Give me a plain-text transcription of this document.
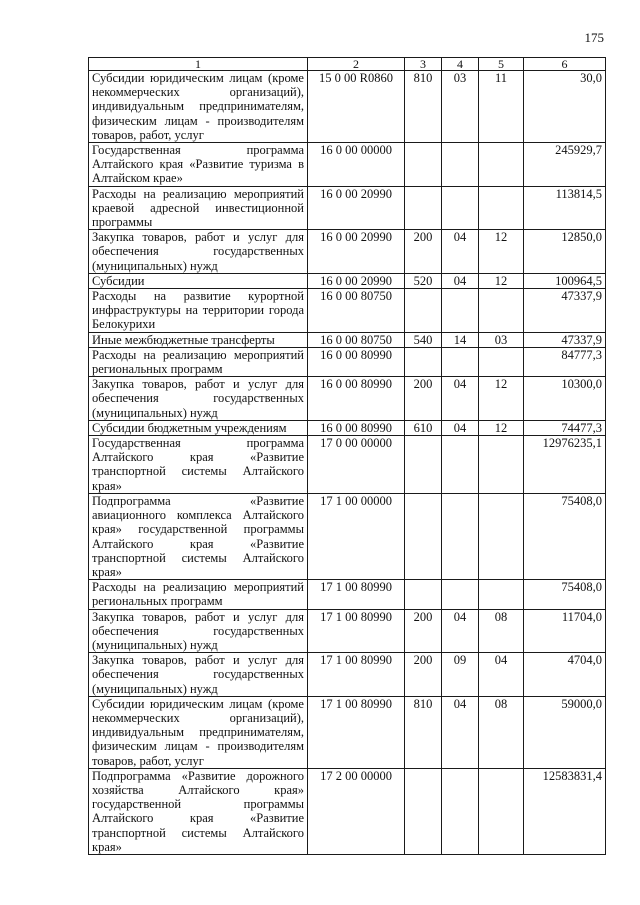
175
1	2	3	4	5	6
Субсидии юридическим лицам (кроме некоммерческих организаций), индивидуальным предпринимателям, физическим лицам - производителям товаров, работ, услуг	15 0 00 R0860	810	03	11	30,0
Государственная программа Алтайского края «Развитие туризма в Алтайском крае»	16 0 00 00000				245929,7
Расходы на реализацию мероприятий краевой адресной инвестиционной программы	16 0 00 20990				113814,5
Закупка товаров, работ и услуг для обеспечения государственных (муниципальных) нужд	16 0 00 20990	200	04	12	12850,0
Субсидии	16 0 00 20990	520	04	12	100964,5
Расходы на развитие курортной инфраструктуры на территории города Белокурихи	16 0 00 80750				47337,9
Иные межбюджетные трансферты	16 0 00 80750	540	14	03	47337,9
Расходы на реализацию мероприятий региональных программ	16 0 00 80990				84777,3
Закупка товаров, работ и услуг для обеспечения государственных (муниципальных) нужд	16 0 00 80990	200	04	12	10300,0
Субсидии бюджетным учреждениям	16 0 00 80990	610	04	12	74477,3
Государственная программа Алтайского края «Развитие транспортной системы Алтайского края»	17 0 00 00000				12976235,1
Подпрограмма «Развитие авиационного комплекса Алтайского края» государственной программы Алтайского края «Развитие транспортной системы Алтайского края»	17 1 00 00000				75408,0
Расходы на реализацию мероприятий региональных программ	17 1 00 80990				75408,0
Закупка товаров, работ и услуг для обеспечения государственных (муниципальных) нужд	17 1 00 80990	200	04	08	11704,0
Закупка товаров, работ и услуг для обеспечения государственных (муниципальных) нужд	17 1 00 80990	200	09	04	4704,0
Субсидии юридическим лицам (кроме некоммерческих организаций), индивидуальным предпринимателям, физическим лицам - производителям товаров, работ, услуг	17 1 00 80990	810	04	08	59000,0
Подпрограмма «Развитие дорожного хозяйства Алтайского края» государственной программы Алтайского края «Развитие транспортной системы Алтайского края»	17 2 00 00000				12583831,4
